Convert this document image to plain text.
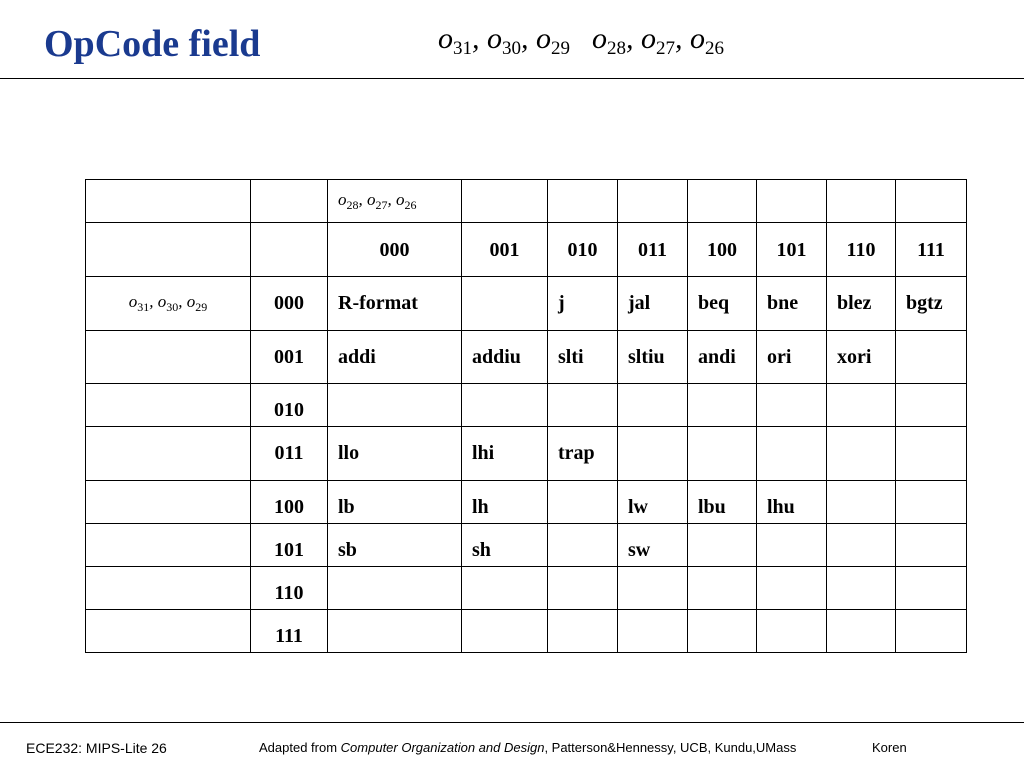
OpCode field	$o_{31}$, $o_{30}$, $o_{29}$ $o_{28}$, $o_{27}$, $o_{26}$
		$o_{28}$, $o_{27}$, $o_{26}$							
		000	001	010	011	100	101	110	111
$o_{31}$, $o_{30}$, $o_{29}$	000	R-format		j	jal	beq	bne	blez	bgtz
	001	addi	addiu	slti	sltiu	andi	ori	xori	
	010								
	011	llo	lhi	trap					
	100	lb	lh		lw	lbu	lhu		
	101	sb	sh		sw				
	110								
	111								
ECE232: MIPS-Lite 26	Adapted from Computer Organization and Design, Patterson&Hennessy, UCB, Kundu,UMass	Koren
